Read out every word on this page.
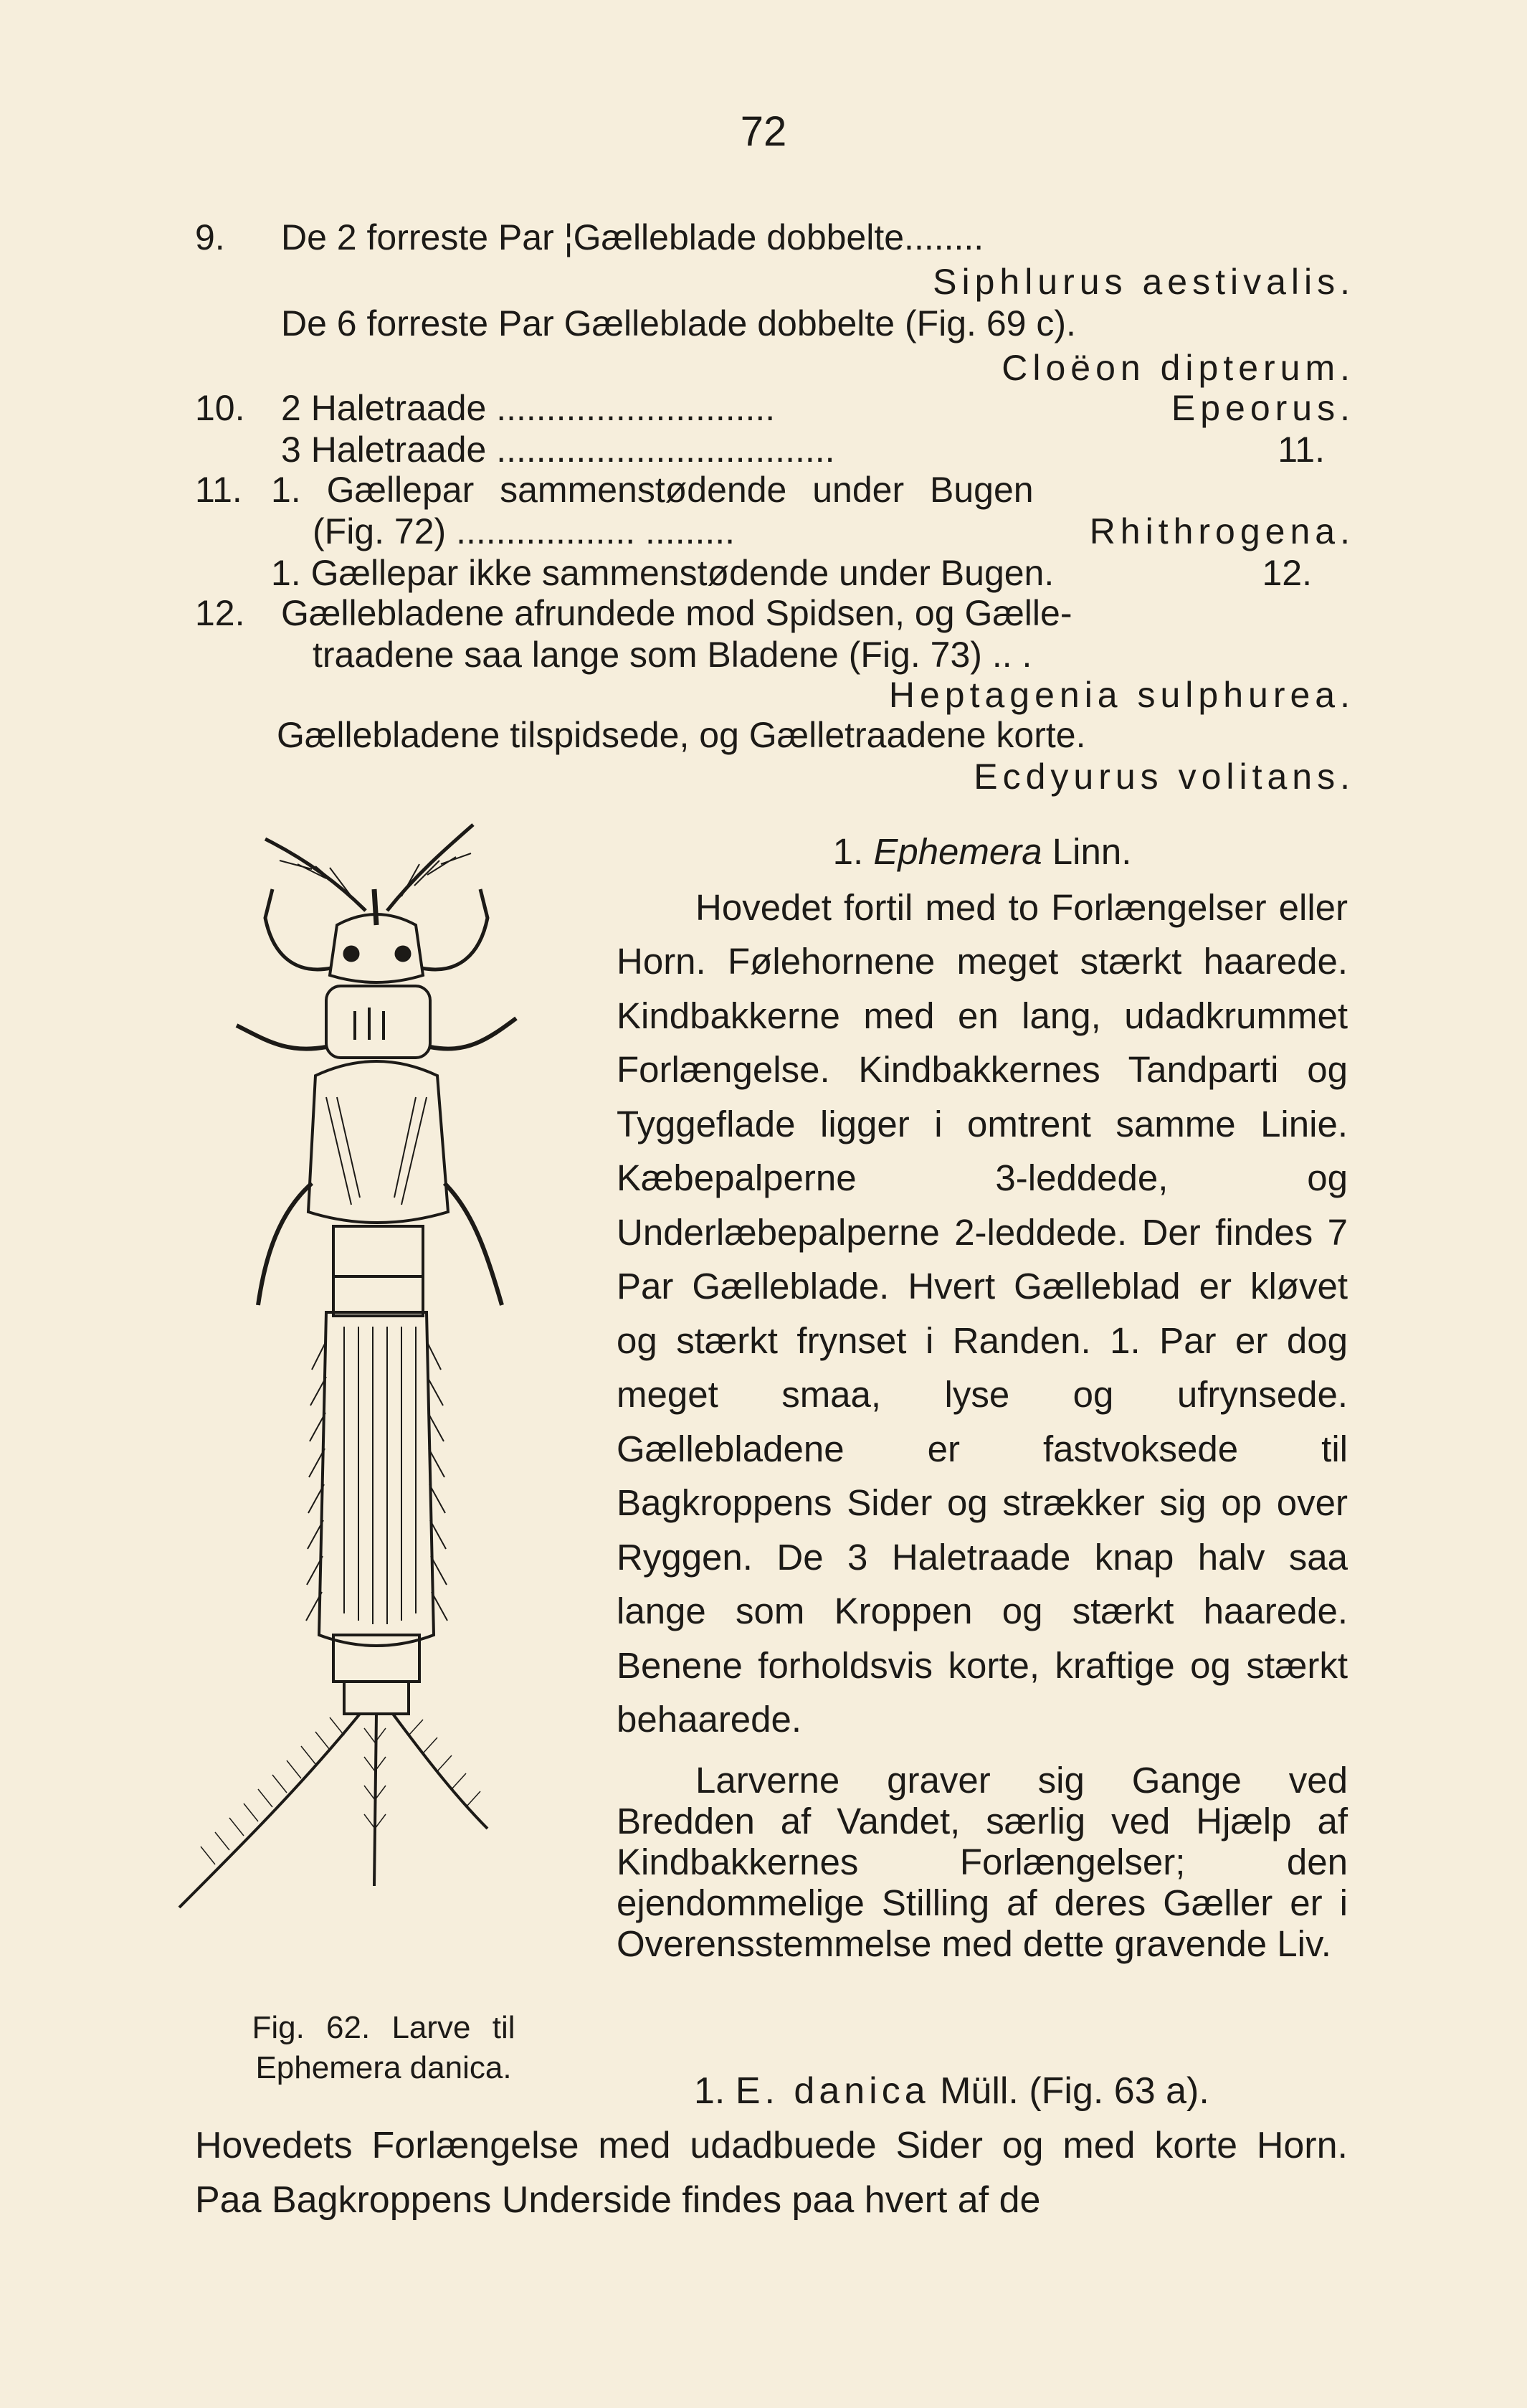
72
9. De 2 forreste Par ¦Gælleblade dobbelte........
Siphlurus aestivalis.
De 6 forreste Par Gælleblade dobbelte (Fig. 69 c).
Cloëon dipterum.
10. 2 Haletraade ............................	Epeorus.
3 Haletraade ..................................	11.
11. 1. Gællepar sammenstødende under Bugen
(Fig. 72) .................. .........	Rhithrogena.
1. Gællepar ikke sammenstødende under Bugen.	12.
12. Gællebladene afrundede mod Spidsen, og Gælle-
traadene saa lange som Bladene (Fig. 73) .. .
Heptagenia sulphurea.
Gællebladene tilspidsede, og Gælletraadene korte.
Ecdyurus volitans.
Fig. 62. Larve til
Ephemera danica.
1. Ephemera Linn.

Hovedet fortil med to Forlængelser eller Horn. Følehornene meget stærkt haarede. Kindbakkerne med en lang, udadkrummet Forlængelse. Kindbakkernes Tandparti og Tyggeflade ligger i omtrent samme Linie. Kæbepalperne 3-leddede, og Underlæbepalperne 2-leddede. Der findes 7 Par Gælleblade. Hvert Gælleblad er kløvet og stærkt frynset i Randen. 1. Par er dog meget smaa, lyse og ufrynsede. Gællebladene er fastvoksede til Bagkroppens Sider og strækker sig op over Ryggen. De 3 Haletraade knap halv saa lange som Kroppen og stærkt haarede. Benene forholdsvis korte, kraftige og stærkt behaarede.

Larverne graver sig Gange ved Bredden af Vandet, særlig ved Hjælp af Kindbakkernes Forlængelser; den ejendommelige Stilling af deres Gæller er i Overensstemmelse med dette gravende Liv.

1. E. danica Müll. (Fig. 63 a).

Hovedets Forlængelse med udadbuede Sider og med korte Horn. Paa Bagkroppens Underside findes paa hvert af de
